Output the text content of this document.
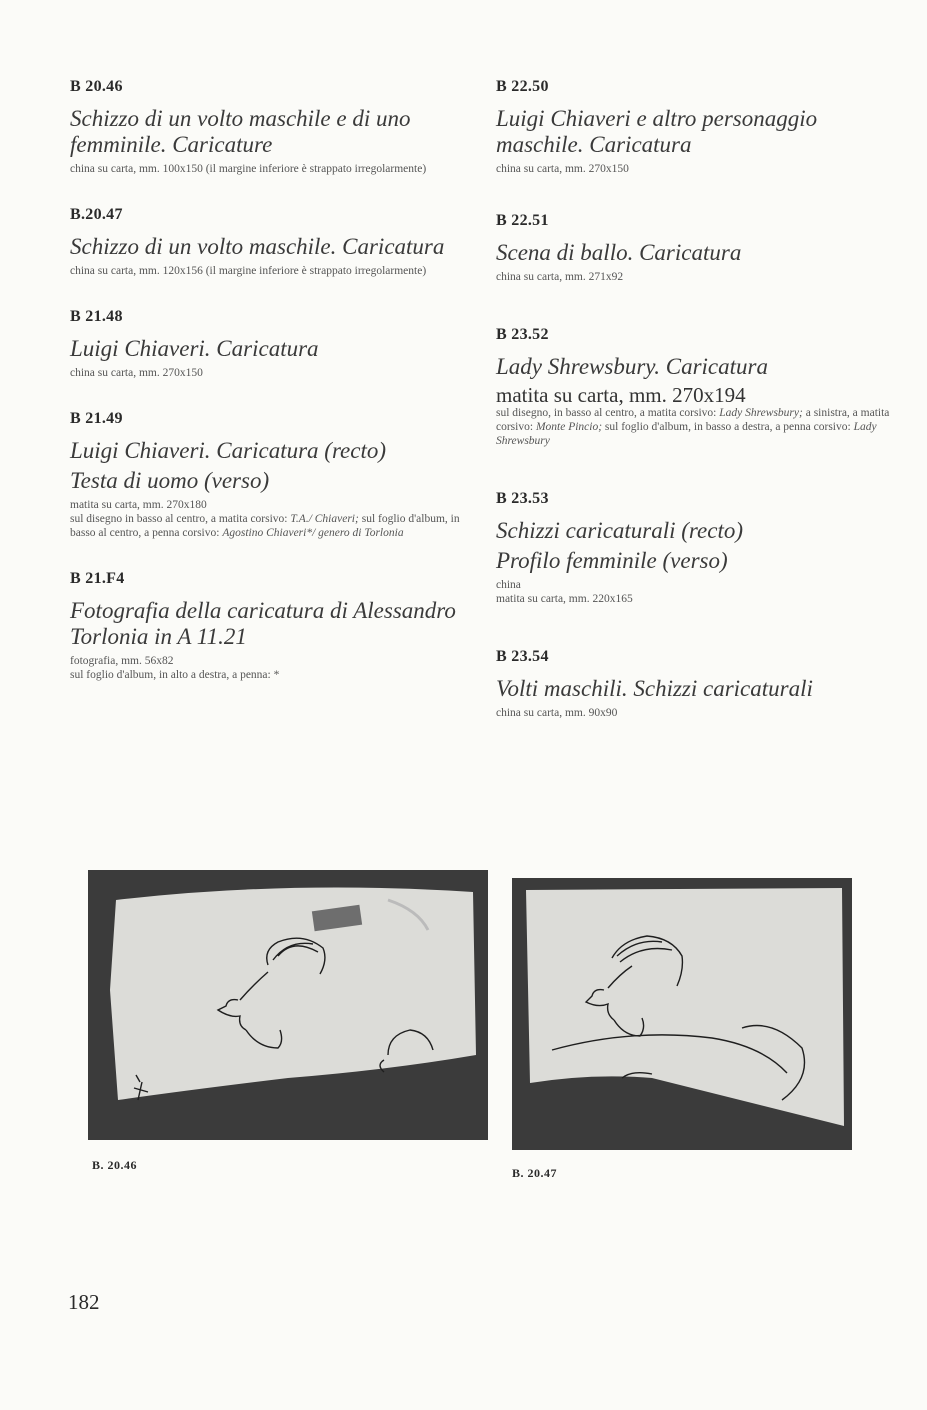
B 20.46
Schizzo di un volto maschile e di uno femminile. Caricature

china su carta, mm. 100x150 (il margine inferiore è strappato irregolarmente)

B.20.47
Schizzo di un volto maschile. Caricatura

china su carta, mm. 120x156 (il margine inferiore è strappato irregolarmente)

B 21.48
Luigi Chiaveri. Caricatura

china su carta, mm. 270x150

B 21.49
Luigi Chiaveri. Caricatura (recto)
Testa di uomo (verso)

matita su carta, mm. 270x180

sul disegno in basso al centro, a matita corsivo: T.A./ Chiaveri; sul foglio d'album, in basso al centro, a penna corsivo: Agostino Chiaveri*/ genero di Torlonia

B 21.F4
Fotografia della caricatura di Alessandro Torlonia in A 11.21

fotografia, mm. 56x82

sul foglio d'album, in alto a destra, a penna: *

B 22.50
Luigi Chiaveri e altro personaggio maschile. Caricatura

china su carta, mm. 270x150

B 22.51
Scena di ballo. Caricatura

china su carta, mm. 271x92

B 23.52
Lady Shrewsbury. Caricatura

matita su carta, mm. 270x194

sul disegno, in basso al centro, a matita corsivo: Lady Shrewsbury; a sinistra, a matita corsivo: Monte Pincio; sul foglio d'album, in basso a destra, a penna corsivo: Lady Shrewsbury

B 23.53
Schizzi caricaturali (recto)
Profilo femminile (verso)

china

matita su carta, mm. 220x165

B 23.54
Volti maschili. Schizzi caricaturali

china su carta, mm. 90x90

B. 20.46
B. 20.47
182
